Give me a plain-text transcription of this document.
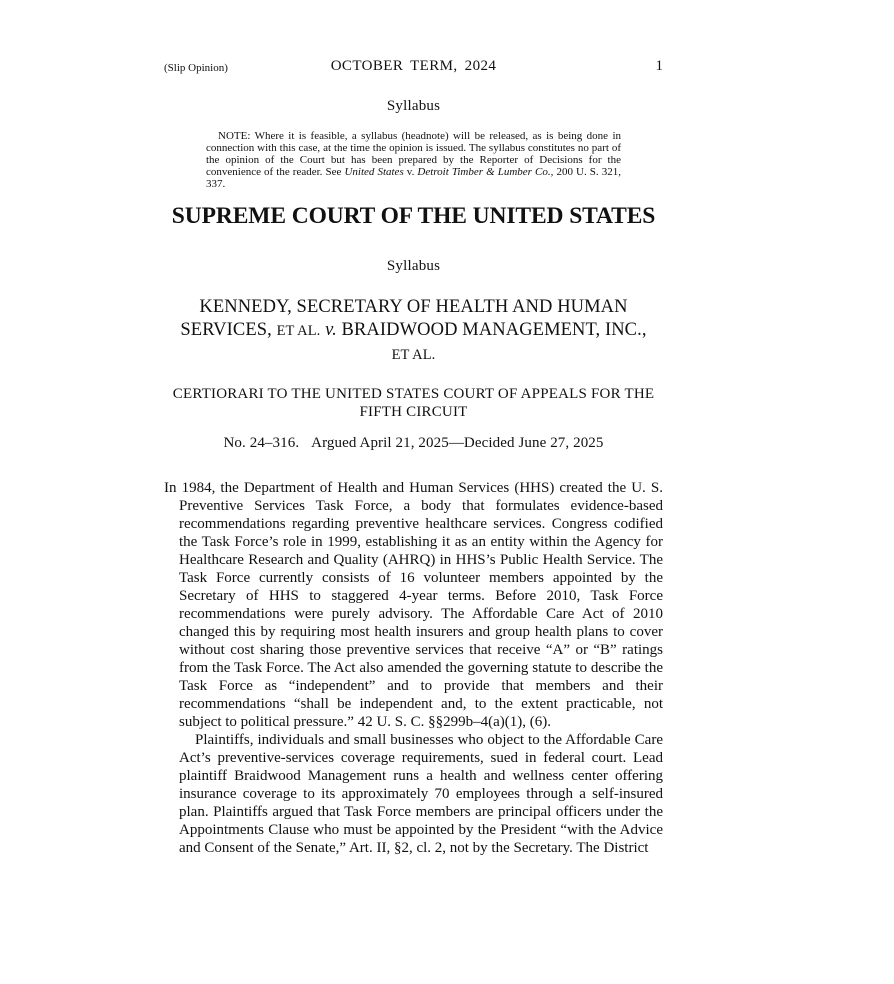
(Slip Opinion)	OCTOBER TERM, 2024	1
Syllabus
NOTE: Where it is feasible, a syllabus (headnote) will be released, as is being done in connection with this case, at the time the opinion is issued. The syllabus constitutes no part of the opinion of the Court but has been prepared by the Reporter of Decisions for the convenience of the reader. See United States v. Detroit Timber & Lumber Co., 200 U. S. 321, 337.
SUPREME COURT OF THE UNITED STATES
Syllabus
KENNEDY, SECRETARY OF HEALTH AND HUMAN SERVICES, ET AL. v. BRAIDWOOD MANAGEMENT, INC., ET AL.
CERTIORARI TO THE UNITED STATES COURT OF APPEALS FOR THE FIFTH CIRCUIT
No. 24–316. Argued April 21, 2025—Decided June 27, 2025

In 1984, the Department of Health and Human Services (HHS) created the U. S. Preventive Services Task Force, a body that formulates evidence-based recommendations regarding preventive healthcare services. Congress codified the Task Force’s role in 1999, establishing it as an entity within the Agency for Healthcare Research and Quality (AHRQ) in HHS’s Public Health Service. The Task Force currently consists of 16 volunteer members appointed by the Secretary of HHS to staggered 4-year terms. Before 2010, Task Force recommendations were purely advisory. The Affordable Care Act of 2010 changed this by requiring most health insurers and group health plans to cover without cost sharing those preventive services that receive “A” or “B” ratings from the Task Force. The Act also amended the governing statute to describe the Task Force as “independent” and to provide that members and their recommendations “shall be independent and, to the extent practicable, not subject to political pressure.” 42 U. S. C. §§299b–4(a)(1), (6).

Plaintiffs, individuals and small businesses who object to the Affordable Care Act’s preventive-services coverage requirements, sued in federal court. Lead plaintiff Braidwood Management runs a health and wellness center offering insurance coverage to its approximately 70 employees through a self-insured plan. Plaintiffs argued that Task Force members are principal officers under the Appointments Clause who must be appointed by the President “with the Advice and Consent of the Senate,” Art. II, §2, cl. 2, not by the Secretary. The District
